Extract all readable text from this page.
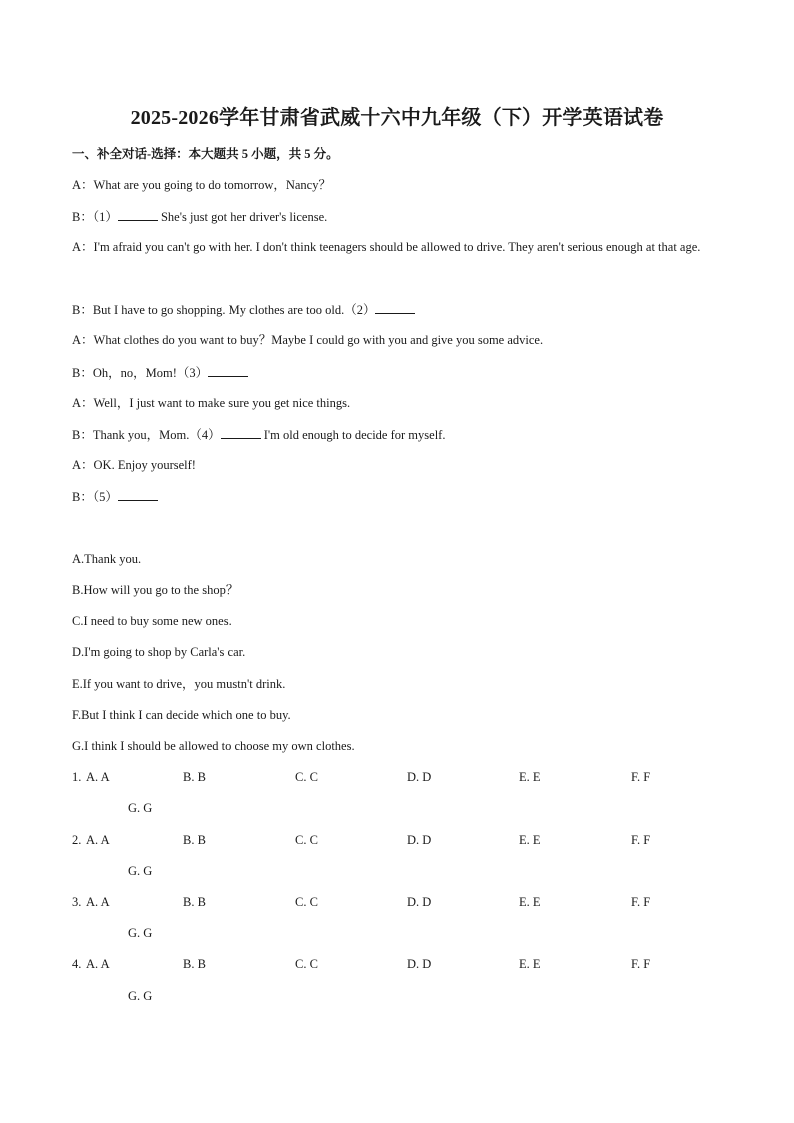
2025-2026学年甘肃省武威十六中九年级（下）开学英语试卷
一、补全对话-选择：本大题共 5 小题，共 5 分。
A：What are you going to do tomorrow，Nancy？
B：（1）	She's just got her driver's license.
A：I'm afraid you can't go with her. I don't think teenagers should be allowed to drive. They aren't serious enough at that age.
B：But I have to go shopping. My clothes are too old.（2）
A：What clothes do you want to buy？Maybe I could go with you and give you some advice.
B：Oh，no，Mom!（3）
A：Well，I just want to make sure you get nice things.
B：Thank you，Mom.（4）	I'm old enough to decide for myself.
A：OK. Enjoy yourself!
B：（5）
A.Thank you.
B.How will you go to the shop？
C.I need to buy some new ones.
D.I'm going to shop by Carla's car.
E.If you want to drive，you mustn't drink.
F.But I think I can decide which one to buy.
G.I think I should be allowed to choose my own clothes.
1. A. A	B. B	C. C	D. D	E. E	F. F
G. G
2. A. A	B. B	C. C	D. D	E. E	F. F
G. G
3. A. A	B. B	C. C	D. D	E. E	F. F
G. G
4. A. A	B. B	C. C	D. D	E. E	F. F
G. G
